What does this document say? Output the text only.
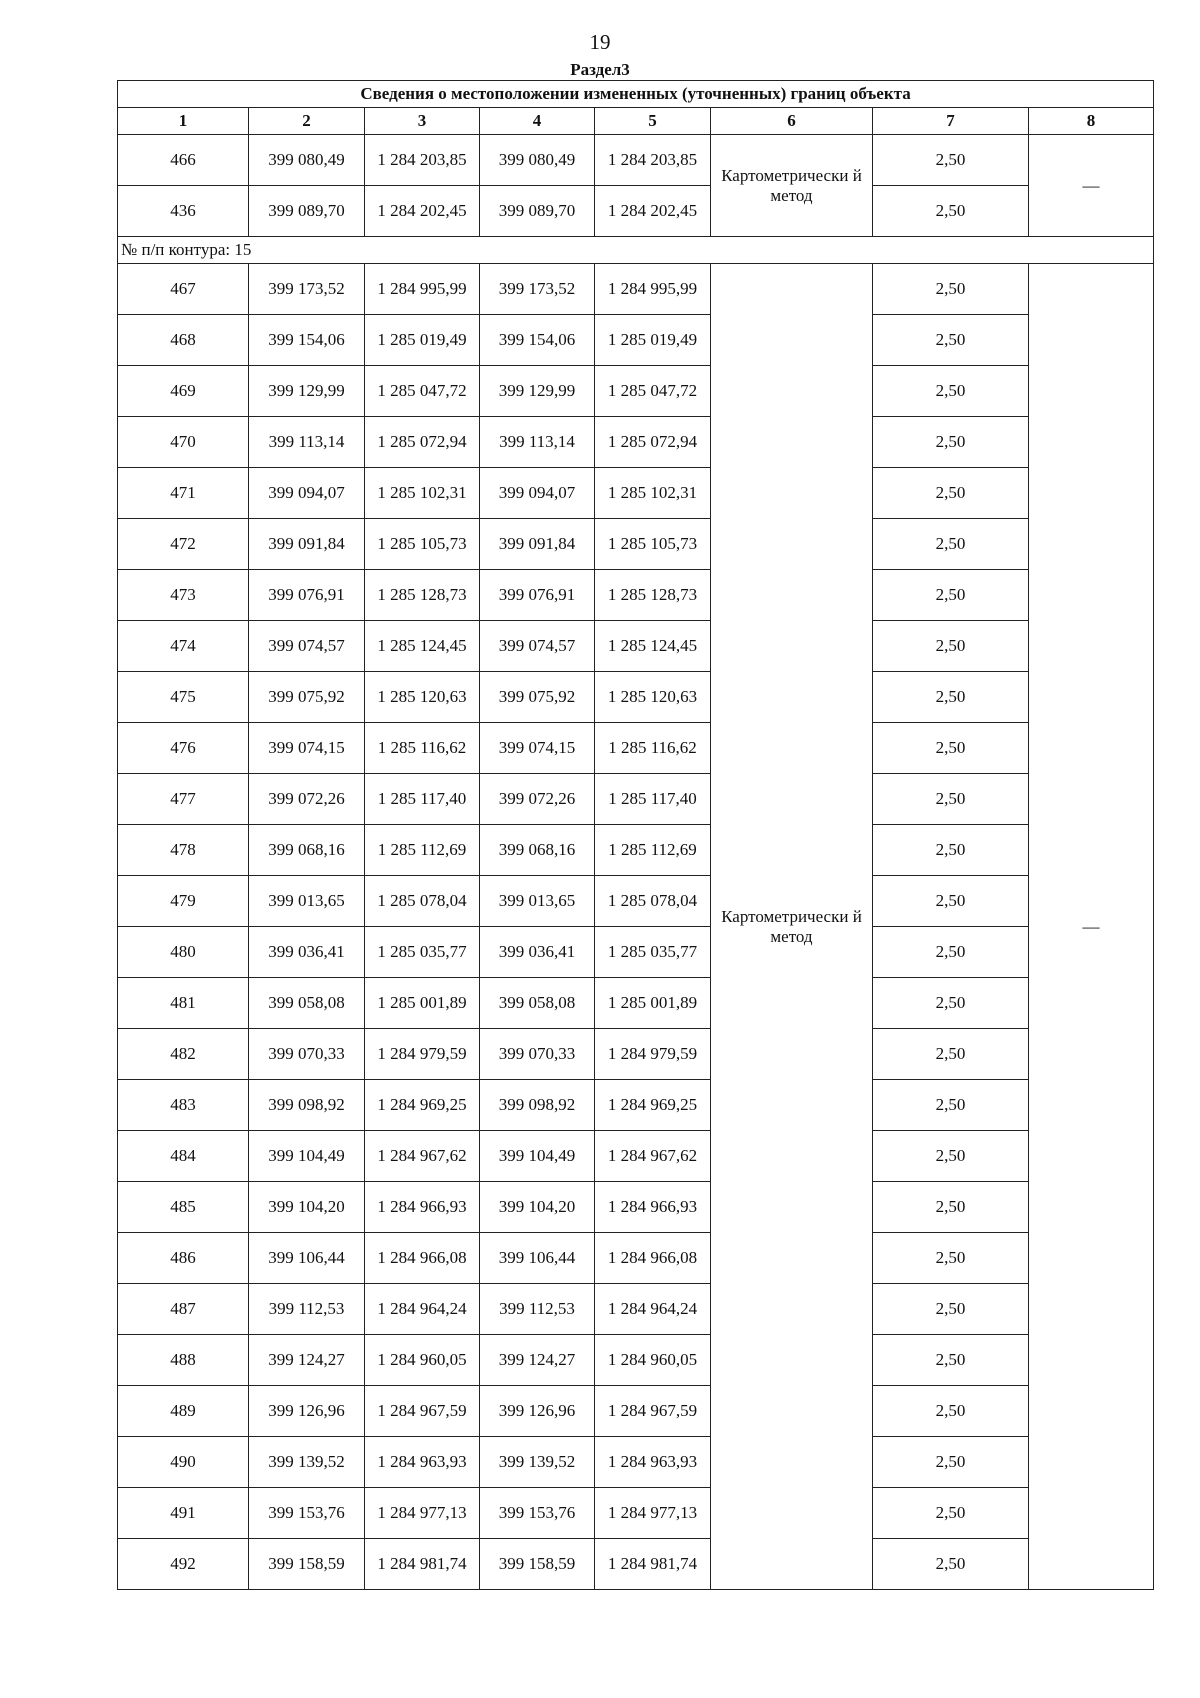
19
Раздел3
Сведения о местоположении измененных (уточненных) границ объекта							
1	2	3	4	5	6	7	8
466	399 080,49	1 284 203,85	399 080,49	1 284 203,85	Картометрически й метод	2,50	—
436	399 089,70	1 284 202,45	399 089,70	1 284 202,45		2,50	
№ п/п контура: 15							
467	399 173,52	1 284 995,99	399 173,52	1 284 995,99	Картометрически й метод	2,50	—
468	399 154,06	1 285 019,49	399 154,06	1 285 019,49		2,50	
469	399 129,99	1 285 047,72	399 129,99	1 285 047,72		2,50	
470	399 113,14	1 285 072,94	399 113,14	1 285 072,94		2,50	
471	399 094,07	1 285 102,31	399 094,07	1 285 102,31		2,50	
472	399 091,84	1 285 105,73	399 091,84	1 285 105,73		2,50	
473	399 076,91	1 285 128,73	399 076,91	1 285 128,73		2,50	
474	399 074,57	1 285 124,45	399 074,57	1 285 124,45		2,50	
475	399 075,92	1 285 120,63	399 075,92	1 285 120,63		2,50	
476	399 074,15	1 285 116,62	399 074,15	1 285 116,62		2,50	
477	399 072,26	1 285 117,40	399 072,26	1 285 117,40		2,50	
478	399 068,16	1 285 112,69	399 068,16	1 285 112,69		2,50	
479	399 013,65	1 285 078,04	399 013,65	1 285 078,04		2,50	
480	399 036,41	1 285 035,77	399 036,41	1 285 035,77		2,50	
481	399 058,08	1 285 001,89	399 058,08	1 285 001,89		2,50	
482	399 070,33	1 284 979,59	399 070,33	1 284 979,59		2,50	
483	399 098,92	1 284 969,25	399 098,92	1 284 969,25		2,50	
484	399 104,49	1 284 967,62	399 104,49	1 284 967,62		2,50	
485	399 104,20	1 284 966,93	399 104,20	1 284 966,93		2,50	
486	399 106,44	1 284 966,08	399 106,44	1 284 966,08		2,50	
487	399 112,53	1 284 964,24	399 112,53	1 284 964,24		2,50	
488	399 124,27	1 284 960,05	399 124,27	1 284 960,05		2,50	
489	399 126,96	1 284 967,59	399 126,96	1 284 967,59		2,50	
490	399 139,52	1 284 963,93	399 139,52	1 284 963,93		2,50	
491	399 153,76	1 284 977,13	399 153,76	1 284 977,13		2,50	
492	399 158,59	1 284 981,74	399 158,59	1 284 981,74		2,50	
